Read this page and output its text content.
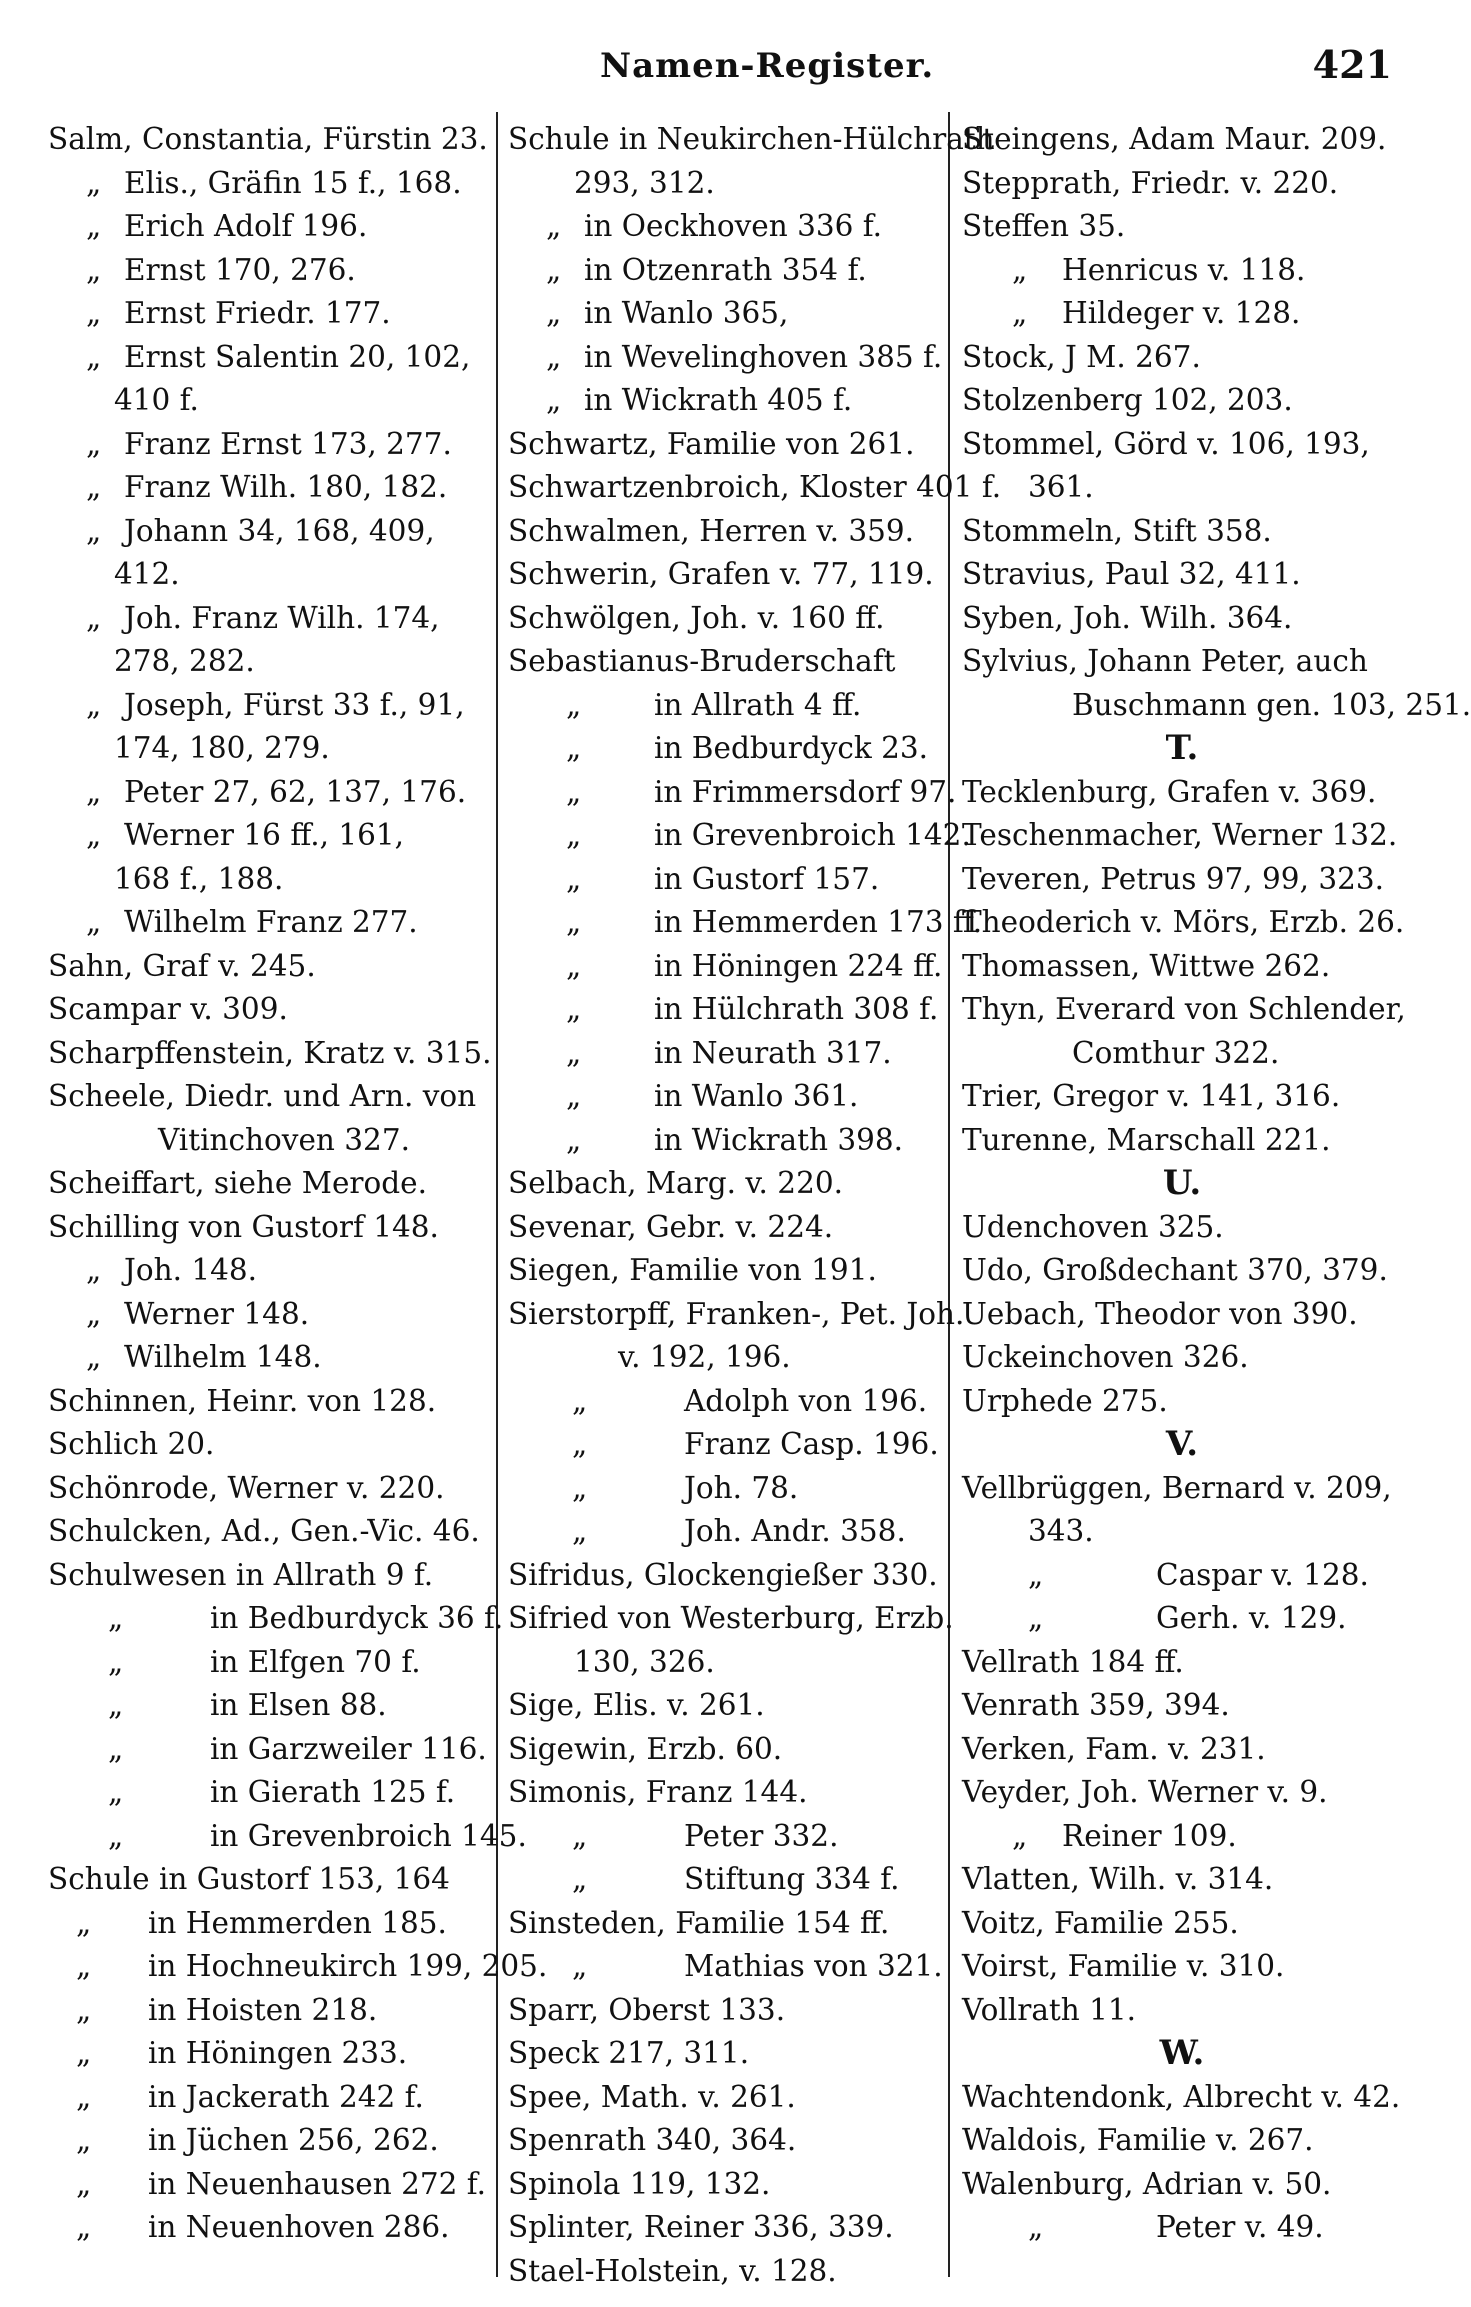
Namen-Register.	421
Salm, Constantia, Fürstin 23.
„ Elis., Gräfin 15 f., 168.
„ Erich Adolf 196.
„ Ernst 170, 276.
„ Ernst Friedr. 177.
„ Ernst Salentin 20, 102,
410 f.
„ Franz Ernst 173, 277.
„ Franz Wilh. 180, 182.
„ Johann 34, 168, 409,
412.
„ Joh. Franz Wilh. 174,
278, 282.
„ Joseph, Fürst 33 f., 91,
174, 180, 279.
„ Peter 27, 62, 137, 176.
„ Werner 16 ff., 161,
168 f., 188.
„ Wilhelm Franz 277.
Sahn, Graf v. 245.
Scampar v. 309.
Scharpffenstein, Kratz v. 315.
Scheele, Diedr. und Arn. von
Vitinchoven 327.
Scheiffart, siehe Merode.
Schilling von Gustorf 148.
„ Joh. 148.
„ Werner 148.
„ Wilhelm 148.
Schinnen, Heinr. von 128.
Schlich 20.
Schönrode, Werner v. 220.
Schulcken, Ad., Gen.-Vic. 46.
Schulwesen in Allrath 9 f.
„	in Bedburdyck 36 f.
„	in Elfgen 70 f.
„	in Elsen 88.
„	in Garzweiler 116.
„	in Gierath 125 f.
„	in Grevenbroich 145.
Schule in Gustorf 153, 164
„ in Hemmerden 185.
„ in Hochneukirch 199, 205.
„ in Hoisten 218.
„ in Höningen 233.
„ in Jackerath 242 f.
„ in Jüchen 256, 262.
„ in Neuenhausen 272 f.
„ in Neuenhoven 286.
Schule in Neukirchen-Hülchrath
293, 312.
„ in Oeckhoven 336 f.
„ in Otzenrath 354 f.
„ in Wanlo 365,
„ in Wevelinghoven 385 f.
„ in Wickrath 405 f.
Schwartz, Familie von 261.
Schwartzenbroich, Kloster 401 f.
Schwalmen, Herren v. 359.
Schwerin, Grafen v. 77, 119.
Schwölgen, Joh. v. 160 ff.
Sebastianus-Bruderschaft
„ in Allrath 4 ff.
„ in Bedburdyck 23.
„ in Frimmersdorf 97.
„ in Grevenbroich 142.
„ in Gustorf 157.
„ in Hemmerden 173 ff.
„ in Höningen 224 ff.
„ in Hülchrath 308 f.
„ in Neurath 317.
„ in Wanlo 361.
„ in Wickrath 398.
Selbach, Marg. v. 220.
Sevenar, Gebr. v. 224.
Siegen, Familie von 191.
Sierstorpff, Franken-, Pet. Joh.
v. 192, 196.
„	Adolph von 196.
„	Franz Casp. 196.
„	Joh. 78.
„	Joh. Andr. 358.
Sifridus, Glockengießer 330.
Sifried von Westerburg, Erzb.
130, 326.
Sige, Elis. v. 261.
Sigewin, Erzb. 60.
Simonis, Franz 144.
„	Peter 332.
„	Stiftung 334 f.
Sinsteden, Familie 154 ff.
„	Mathias von 321.
Sparr, Oberst 133.
Speck 217, 311.
Spee, Math. v. 261.
Spenrath 340, 364.
Spinola 119, 132.
Splinter, Reiner 336, 339.
Stael-Holstein, v. 128.
Steingens, Adam Maur. 209.
Stepprath, Friedr. v. 220.
Steffen 35.
„ Henricus v. 118.
„ Hildeger v. 128.
Stock, J M. 267.
Stolzenberg 102, 203.
Stommel, Görd v. 106, 193,
361.
Stommeln, Stift 358.
Stravius, Paul 32, 411.
Syben, Joh. Wilh. 364.
Sylvius, Johann Peter, auch
Buschmann gen. 103, 251.
T.
Tecklenburg, Grafen v. 369.
Teschenmacher, Werner 132.
Teveren, Petrus 97, 99, 323.
Theoderich v. Mörs, Erzb. 26.
Thomassen, Wittwe 262.
Thyn, Everard von Schlender,
Comthur 322.
Trier, Gregor v. 141, 316.
Turenne, Marschall 221.
U.
Udenchoven 325.
Udo, Großdechant 370, 379.
Uebach, Theodor von 390.
Uckeinchoven 326.
Urphede 275.
V.
Vellbrüggen, Bernard v. 209,
343.
„	Caspar v. 128.
„	Gerh. v. 129.
Vellrath 184 ff.
Venrath 359, 394.
Verken, Fam. v. 231.
Veyder, Joh. Werner v. 9.
„ Reiner 109.
Vlatten, Wilh. v. 314.
Voitz, Familie 255.
Voirst, Familie v. 310.
Vollrath 11.
W.
Wachtendonk, Albrecht v. 42.
Waldois, Familie v. 267.
Walenburg, Adrian v. 50.
„	Peter v. 49.
